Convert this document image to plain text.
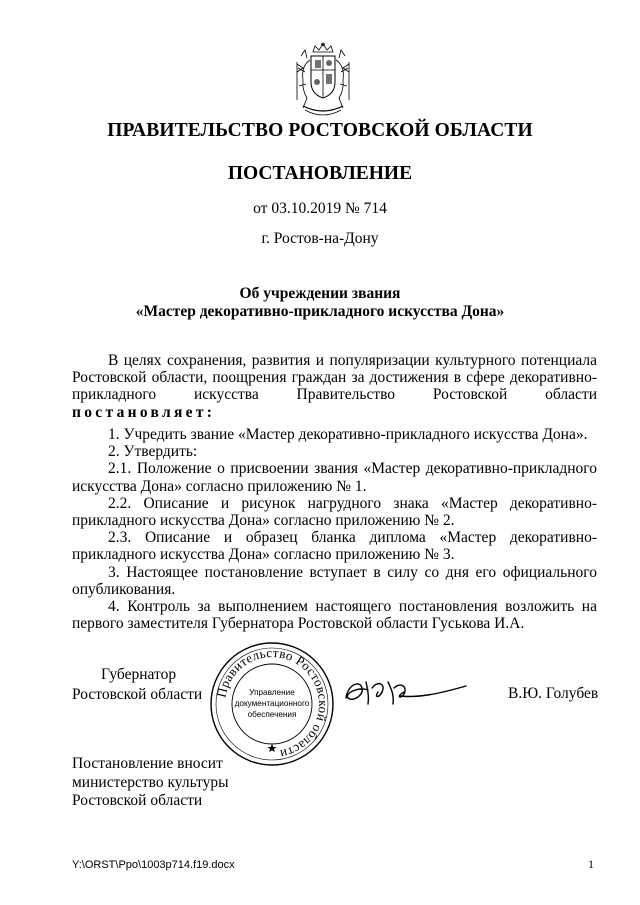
ПРАВИТЕЛЬСТВО РОСТОВСКОЙ ОБЛАСТИ
ПОСТАНОВЛЕНИЕ
от 03.10.2019 № 714
г. Ростов-на-Дону
Об учреждении звания
«Мастер декоративно-прикладного искусства Дона»

В целях сохранения, развития и популяризации культурного потенциала Ростовской области, поощрения граждан за достижения в сфере декоративно-прикладного искусства Правительство Ростовской области постановляет:

1. Учредить звание «Мастер декоративно-прикладного искусства Дона».

2. Утвердить:

2.1. Положение о присвоении звания «Мастер декоративно-прикладного искусства Дона» согласно приложению № 1.

2.2. Описание и рисунок нагрудного знака «Мастер декоративно-прикладного искусства Дона» согласно приложению № 2.

2.3. Описание и образец бланка диплома «Мастер декоративно-прикладного искусства Дона» согласно приложению № 3.

3. Настоящее постановление вступает в силу со дня его официального опубликования.

4. Контроль за выполнением настоящего постановления возложить на первого заместителя Губернатора Ростовской области Гуськова И.А.

Губернатор
Ростовской области Правительство Ростовской области
Управление
документационного
обеспечения
В.Ю. Голубев
Постановление вносит
министерство культуры
Ростовской области
Y:\ORST\Ppo\1003p714.f19.docx	1
